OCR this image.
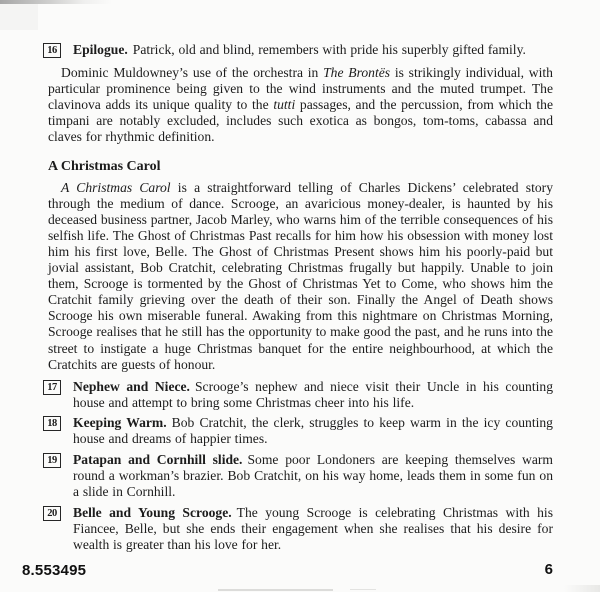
16	Epilogue. Patrick, old and blind, remembers with pride his superbly gifted family.

Dominic Muldowney’s use of the orchestra in The Brontës is strikingly individual, with particular prominence being given to the wind instruments and the muted trumpet. The clavinova adds its unique quality to the tutti passages, and the percussion, from which the timpani are notably excluded, includes such exotica as bongos, tom-toms, cabassa and claves for rhythmic definition.

A Christmas Carol

A Christmas Carol is a straightforward telling of Charles Dickens’ celebrated story through the medium of dance. Scrooge, an avaricious money-dealer, is haunted by his deceased business partner, Jacob Marley, who warns him of the terrible consequences of his selfish life. The Ghost of Christmas Past recalls for him how his obsession with money lost him his first love, Belle. The Ghost of Christmas Present shows him his poorly-paid but jovial assistant, Bob Cratchit, celebrating Christmas frugally but happily. Unable to join them, Scrooge is tormented by the Ghost of Christmas Yet to Come, who shows him the Cratchit family grieving over the death of their son. Finally the Angel of Death shows Scrooge his own miserable funeral. Awaking from this nightmare on Christmas Morning, Scrooge realises that he still has the opportunity to make good the past, and he runs into the street to instigate a huge Christmas banquet for the entire neighbourhood, at which the Cratchits are guests of honour.

17	Nephew and Niece. Scrooge’s nephew and niece visit their Uncle in his counting house and attempt to bring some Christmas cheer into his life.
18	Keeping Warm. Bob Cratchit, the clerk, struggles to keep warm in the icy counting house and dreams of happier times.
19	Patapan and Cornhill slide. Some poor Londoners are keeping themselves warm round a workman’s brazier. Bob Cratchit, on his way home, leads them in some fun on a slide in Cornhill.
20	Belle and Young Scrooge. The young Scrooge is celebrating Christmas with his Fiancee, Belle, but she ends their engagement when she realises that his desire for wealth is greater than his love for her.
8.553495	6
